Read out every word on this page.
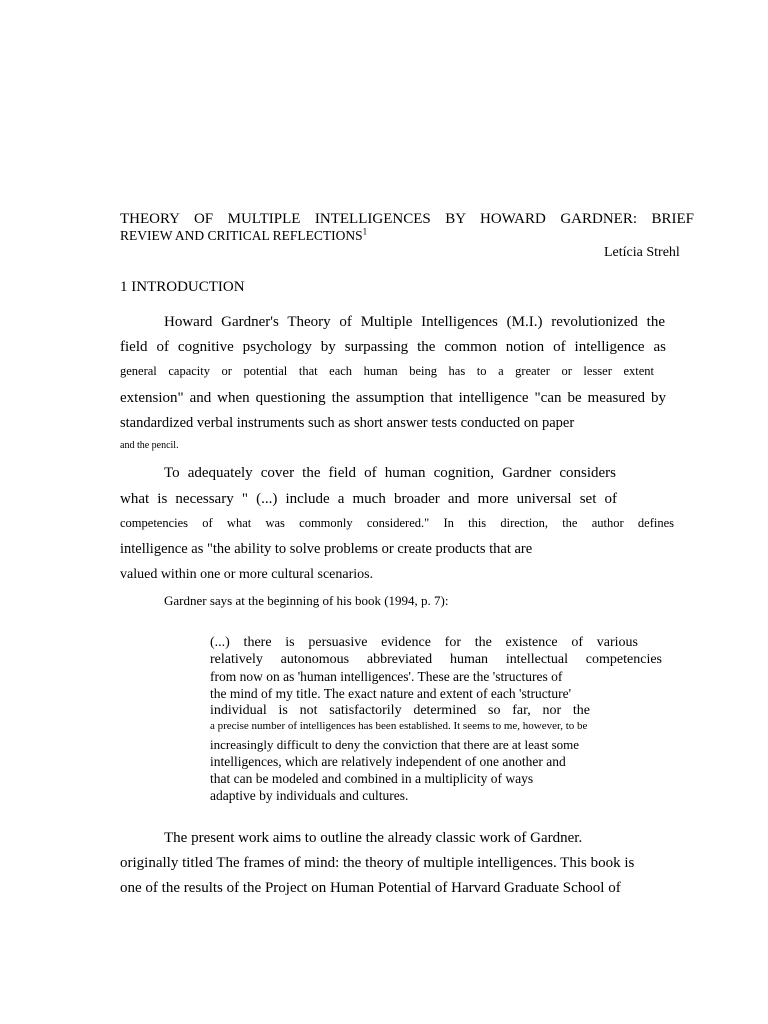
THEORY OF MULTIPLE INTELLIGENCES BY HOWARD GARDNER: BRIEF
REVIEW AND CRITICAL REFLECTIONS$^1$
Letícia Strehl
1 INTRODUCTION
Howard Gardner's Theory of Multiple Intelligences (M.I.) revolutionized the
field of cognitive psychology by surpassing the common notion of intelligence as
general capacity or potential that each human being has to a greater or lesser extent
extension" and when questioning the assumption that intelligence "can be measured by
standardized verbal instruments such as short answer tests conducted on paper
and the pencil.
To adequately cover the field of human cognition, Gardner considers
what is necessary " (...) include a much broader and more universal set of
competencies of what was commonly considered." In this direction, the author defines
intelligence as "the ability to solve problems or create products that are
valued within one or more cultural scenarios.
Gardner says at the beginning of his book (1994, p. 7):
(...) there is persuasive evidence for the existence of various
relatively autonomous abbreviated human intellectual competencies
from now on as 'human intelligences'. These are the 'structures of
the mind of my title. The exact nature and extent of each 'structure'
individual is not satisfactorily determined so far, nor the
a precise number of intelligences has been established. It seems to me, however, to be
increasingly difficult to deny the conviction that there are at least some
intelligences, which are relatively independent of one another and
that can be modeled and combined in a multiplicity of ways
adaptive by individuals and cultures.
The present work aims to outline the already classic work of Gardner.
originally titled The frames of mind: the theory of multiple intelligences. This book is
one of the results of the Project on Human Potential of Harvard Graduate School of
